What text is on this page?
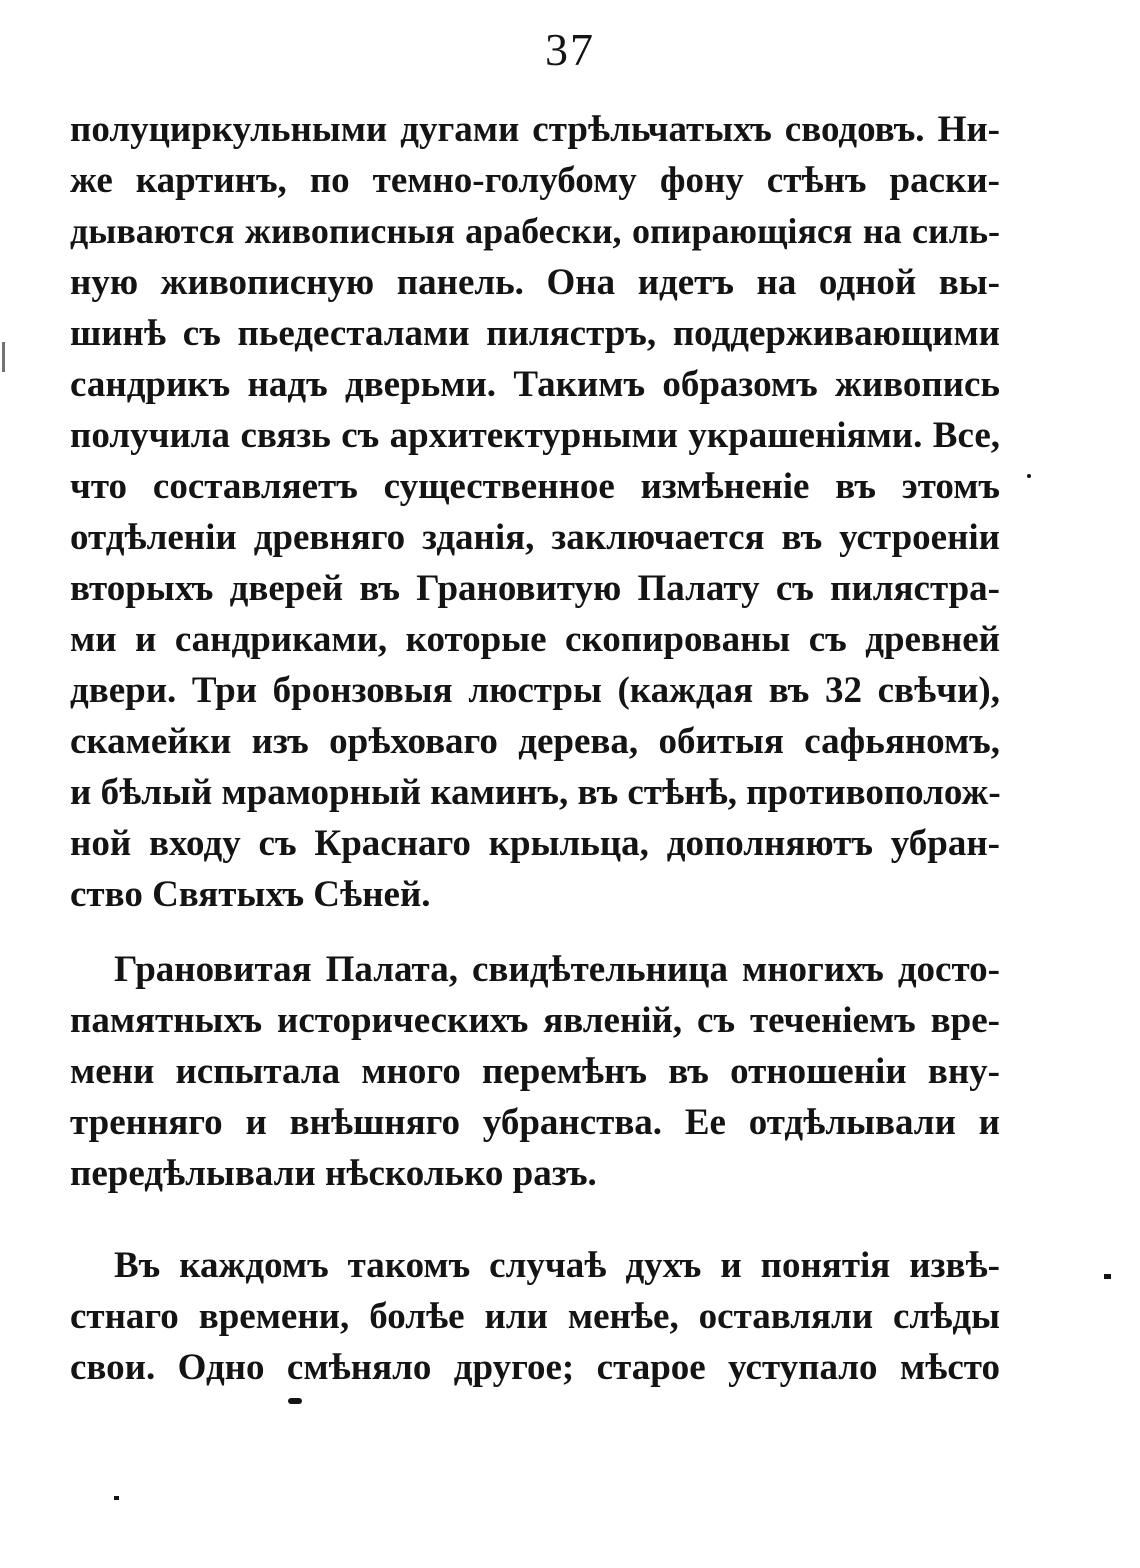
37
полуциркульными дугами стрѣльчатыхъ сводовъ. Ни-
же картинъ, по темно-голубому фону стѣнъ раски-
дываются живописныя арабески, опирающіяся на силь-
ную живописную панель. Она идетъ на одной вы-
шинѣ съ пьедесталами пилястръ, поддерживающими
сандрикъ надъ дверьми. Такимъ образомъ живопись
получила связь съ архитектурными украшеніями. Все,
что составляетъ существенное измѣненіе въ этомъ
отдѣленіи древняго зданія, заключается въ устроеніи
вторыхъ дверей въ Грановитую Палату съ пилястра-
ми и сандриками, которые скопированы съ древней
двери. Три бронзовыя люстры (каждая въ 32 свѣчи),
скамейки изъ орѣховаго дерева, обитыя сафьяномъ,
и бѣлый мраморный каминъ, въ стѣнѣ, противополож-
ной входу съ Краснаго крыльца, дополняютъ убран-
ство Святыхъ Сѣней.
Грановитая Палата, свидѣтельница многихъ досто-
памятныхъ историческихъ явленій, съ теченіемъ вре-
мени испытала много перемѣнъ въ отношеніи вну-
тренняго и внѣшняго убранства. Ее отдѣлывали и
передѣлывали нѣсколько разъ.
Въ каждомъ такомъ случаѣ духъ и понятія извѣ-
стнаго времени, болѣе или менѣе, оставляли слѣды
свои. Одно смѣняло другое; старое уступало мѣсто
